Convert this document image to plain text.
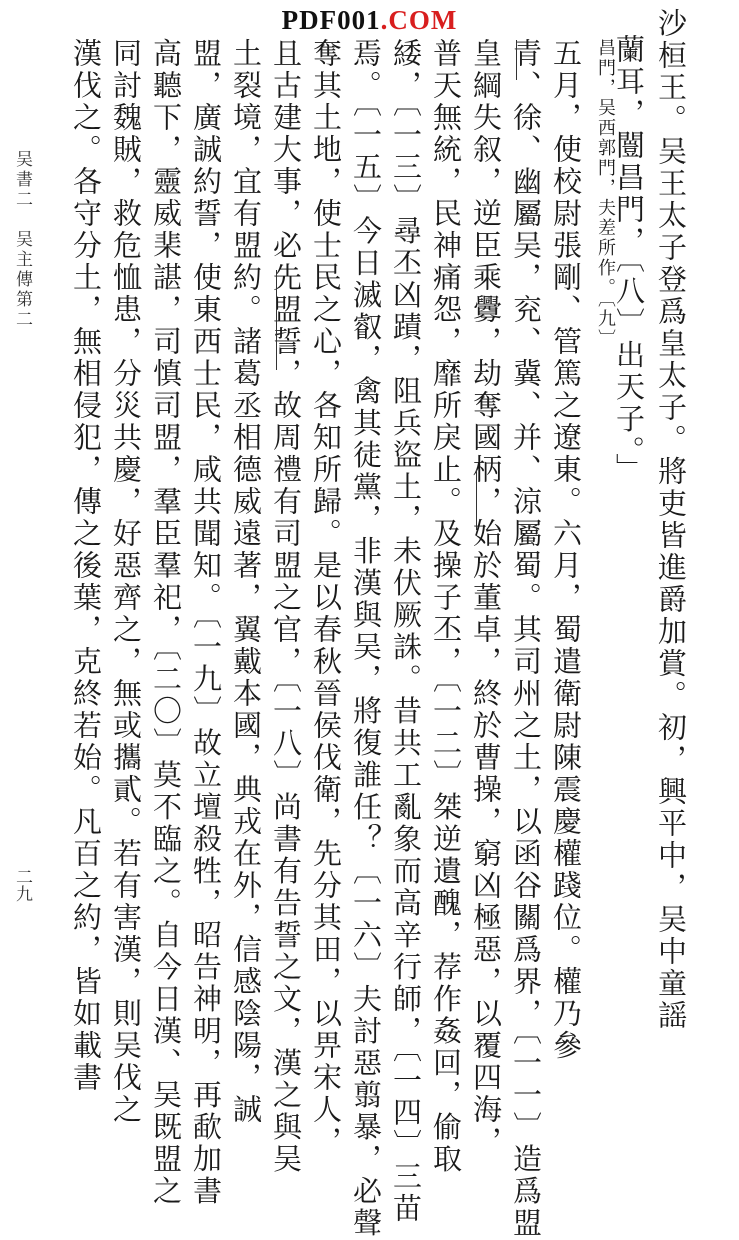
PDF001.COM	沙桓王。吴王太子登爲皇太子。將吏皆進爵加賞。初，興平中，吴中童謡
蘭耳，闓昌門，〔八〕出天子。」
昌門，吴西郭門，夫差所作。〔九〕
五月，使校尉張剛、管篤之遼東。六月，蜀遣衛尉陳震慶權踐位。權乃參
青、徐、幽屬吴，兖、冀、并、涼屬蜀。其司州之土，以函谷關爲界，〔一一〕造爲盟
皇綱失叙，逆臣乘釁，劫奪國柄，始於董卓，終於曹操，窮凶極惡，以覆四海，
普天無統，民神痛怨，靡所戾止。及操子丕，〔一二〕桀逆遺醜，荐作姦回，偷取
緌，〔一三〕尋丕凶蹟，阻兵盜土，未伏厥誅。昔共工亂象而高辛行師，〔一四〕三苗
焉。〔一五〕今日滅叡，禽其徒黨，非漢與吴，將復誰任？〔一六〕夫討惡翦暴，必聲
奪其土地，使士民之心，各知所歸。是以春秋晉侯伐衛，先分其田，以畀宋人，
且古建大事，必先盟誓，故周禮有司盟之官，〔一八〕尚書有告誓之文，漢之與吴
土裂境，宜有盟約。諸葛丞相德威遠著，翼戴本國，典戎在外，信感陰陽，誠
盟，廣誠約誓，使東西士民，咸共聞知。〔一九〕故立壇殺牲，昭告神明，再歃加書
高聽下，靈威棐諶，司慎司盟，羣臣羣祀，〔二〇〕莫不臨之。自今日漢、吴既盟之
同討魏賊，救危恤患，分災共慶，好惡齊之，無或攜貳。若有害漢，則吴伐之
漢伐之。各守分土，無相侵犯，傳之後葉，克終若始。凡百之約，皆如載書
吴書二　吴主傳第二
二九
